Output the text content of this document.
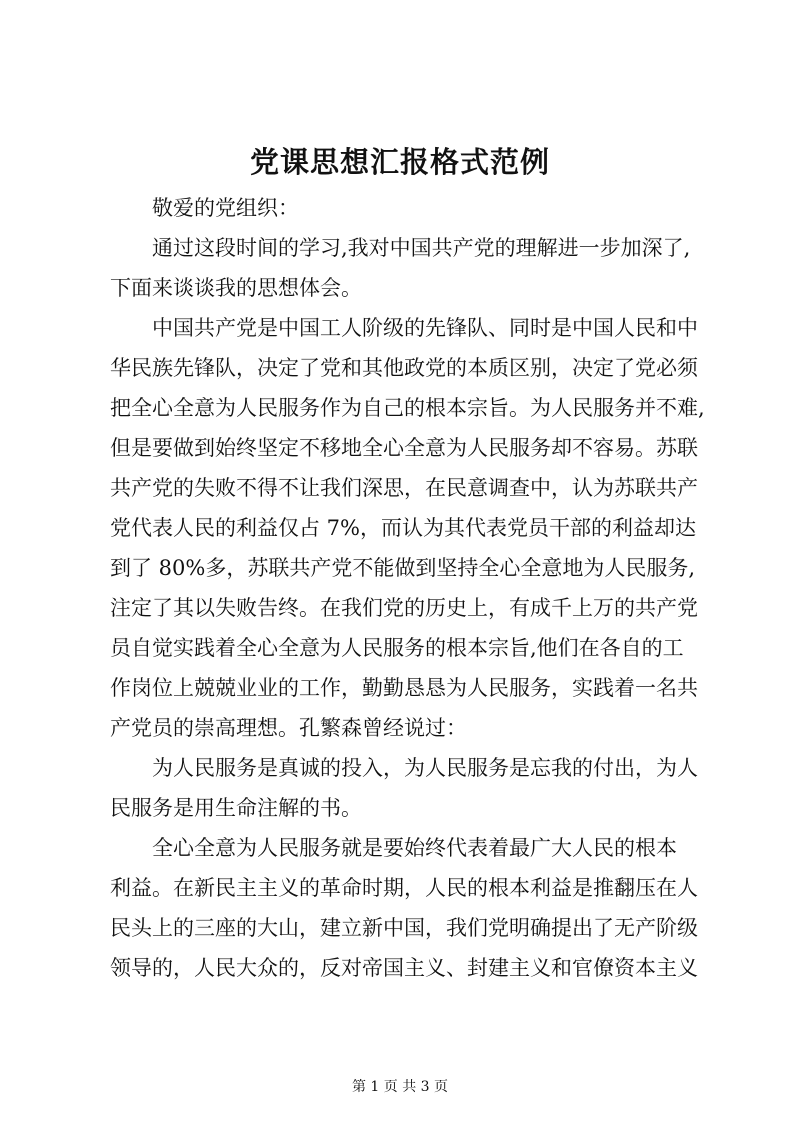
党课思想汇报格式范例
敬爱的党组织：
通过这段时间的学习,我对中国共产党的理解进一步加深了,
下面来谈谈我的思想体会。
中国共产党是中国工人阶级的先锋队、同时是中国人民和中
华民族先锋队，决定了党和其他政党的本质区别，决定了党必须
把全心全意为人民服务作为自己的根本宗旨。为人民服务并不难,
但是要做到始终坚定不移地全心全意为人民服务却不容易。苏联
共产党的失败不得不让我们深思，在民意调查中，认为苏联共产
党代表人民的利益仅占 7%，而认为其代表党员干部的利益却达
到了 80%多，苏联共产党不能做到坚持全心全意地为人民服务,
注定了其以失败告终。在我们党的历史上，有成千上万的共产党
员自觉实践着全心全意为人民服务的根本宗旨,他们在各自的工
作岗位上兢兢业业的工作，勤勤恳恳为人民服务，实践着一名共
产党员的崇高理想。孔繁森曾经说过：
为人民服务是真诚的投入，为人民服务是忘我的付出，为人
民服务是用生命注解的书。
全心全意为人民服务就是要始终代表着最广大人民的根本
利益。在新民主主义的革命时期，人民的根本利益是推翻压在人
民头上的三座的大山，建立新中国，我们党明确提出了无产阶级
领导的，人民大众的，反对帝国主义、封建主义和官僚资本主义
第 1 页 共 3 页
